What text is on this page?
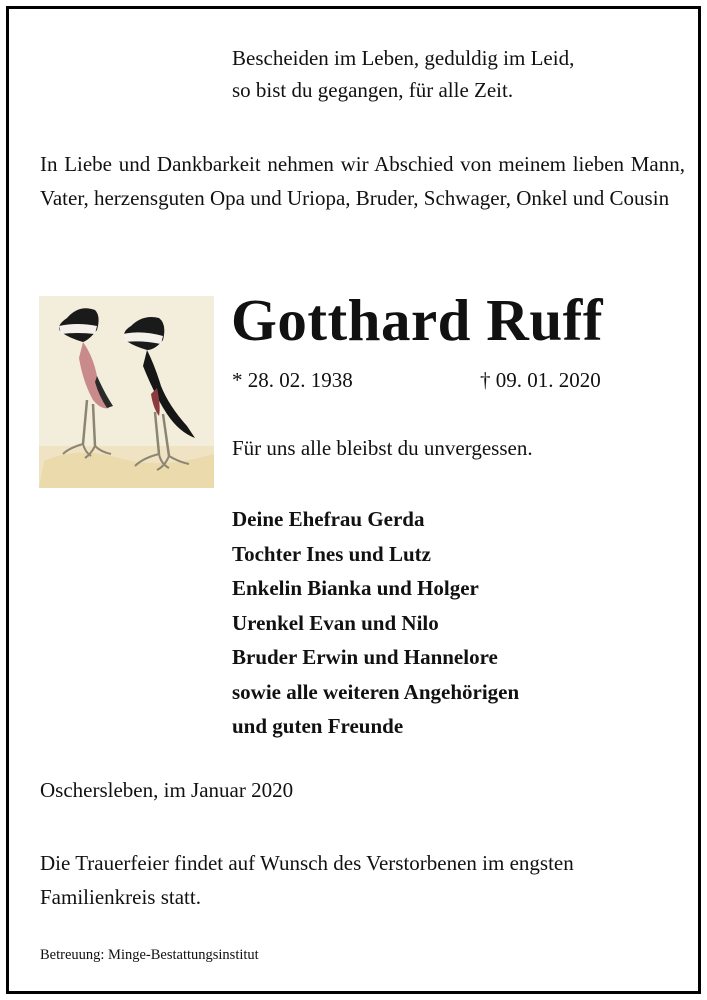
Bescheiden im Leben, geduldig im Leid,
so bist du gegangen, für alle Zeit.

In Liebe und Dankbarkeit nehmen wir Abschied von meinem lieben Mann, Vater, herzensguten Opa und Uriopa, Bruder, Schwager, Onkel und Cousin

Gotthard Ruff
* 28. 02. 1938	† 09. 01. 2020

Für uns alle bleibst du unvergessen.

Deine Ehefrau Gerda
Tochter Ines und Lutz
Enkelin Bianka und Holger
Urenkel Evan und Nilo
Bruder Erwin und Hannelore
sowie alle weiteren Angehörigen
und guten Freunde

Oschersleben, im Januar 2020

Die Trauerfeier findet auf Wunsch des Verstorbenen im engsten Familienkreis statt.

Betreuung: Minge-Bestattungsinstitut
